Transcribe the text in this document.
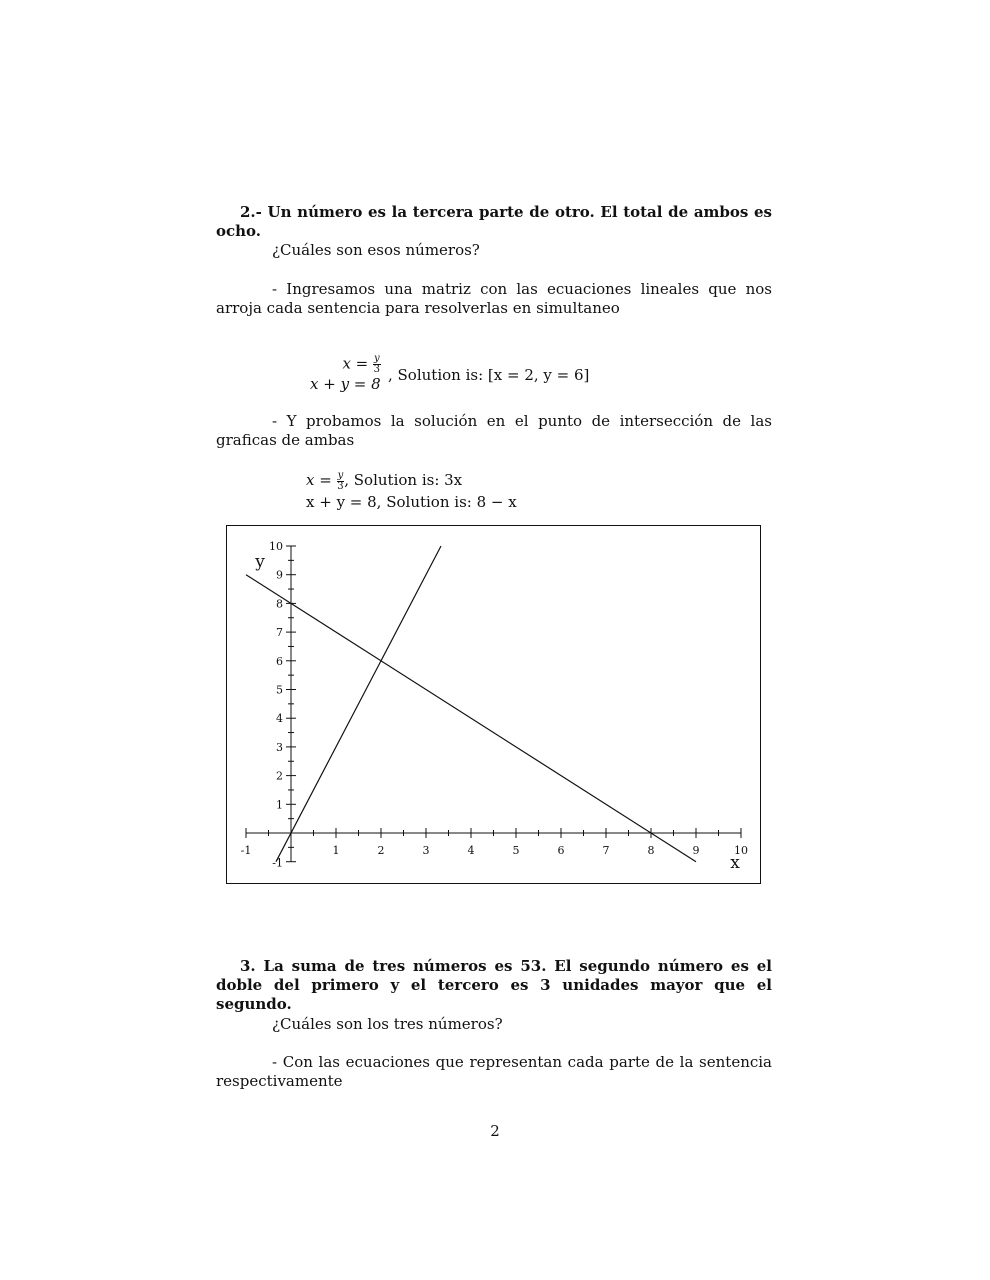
2.- Un número es la tercera parte de otro. El total de ambos es ocho.
¿Cuáles son esos números?
- Ingresamos una matriz con las ecuaciones lineales que nos arroja cada sentencia para resolverlas en simultaneo
$x = \frac{y}{3}$
x + y = 8 , Solution is: [x = 2, y = 6]
- Y probamos la solución en el punto de intersección de las graficas de ambas
$x = \frac{y}{3}$ , Solution is: 3x
x + y = 8, Solution is: 8 − x
-1	1	2	3	4	5	6	7	8	9	10
-1
1
2
3
4
5
6
7
8
9
10
x
y
3. La suma de tres números es 53. El segundo número es el doble del primero y el tercero es 3 unidades mayor que el segundo.
¿Cuáles son los tres números?
- Con las ecuaciones que representan cada parte de la sentencia respectivamente
2
